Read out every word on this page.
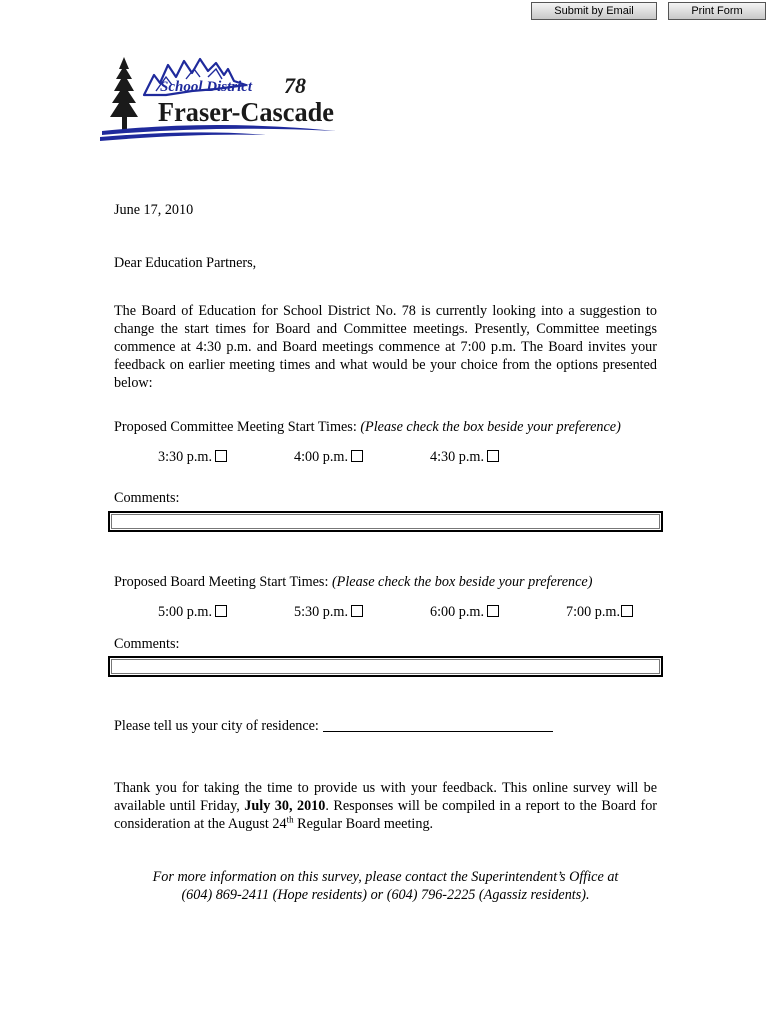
Submit by Email	Print Form
School District 78
Fraser-Cascade

June 17, 2010

Dear Education Partners,

The Board of Education for School District No. 78 is currently looking into a suggestion to change the start times for Board and Committee meetings. Presently, Committee meetings commence at 4:30 p.m. and Board meetings commence at 7:00 p.m. The Board invites your feedback on earlier meeting times and what would be your choice from the options presented below:

Proposed Committee Meeting Start Times: (Please check the box beside your preference)

3:30 p.m.	4:00 p.m.	4:30 p.m.

Comments:

Proposed Board Meeting Start Times: (Please check the box beside your preference)

5:00 p.m.	5:30 p.m.	6:00 p.m.	7:00 p.m.

Comments:

Please tell us your city of residence:

Thank you for taking the time to provide us with your feedback. This online survey will be available until Friday, July 30, 2010. Responses will be compiled in a report to the Board for consideration at the August 24th Regular Board meeting.

For more information on this survey, please contact the Superintendent’s Office at

(604) 869-2411 (Hope residents) or (604) 796-2225 (Agassiz residents).
